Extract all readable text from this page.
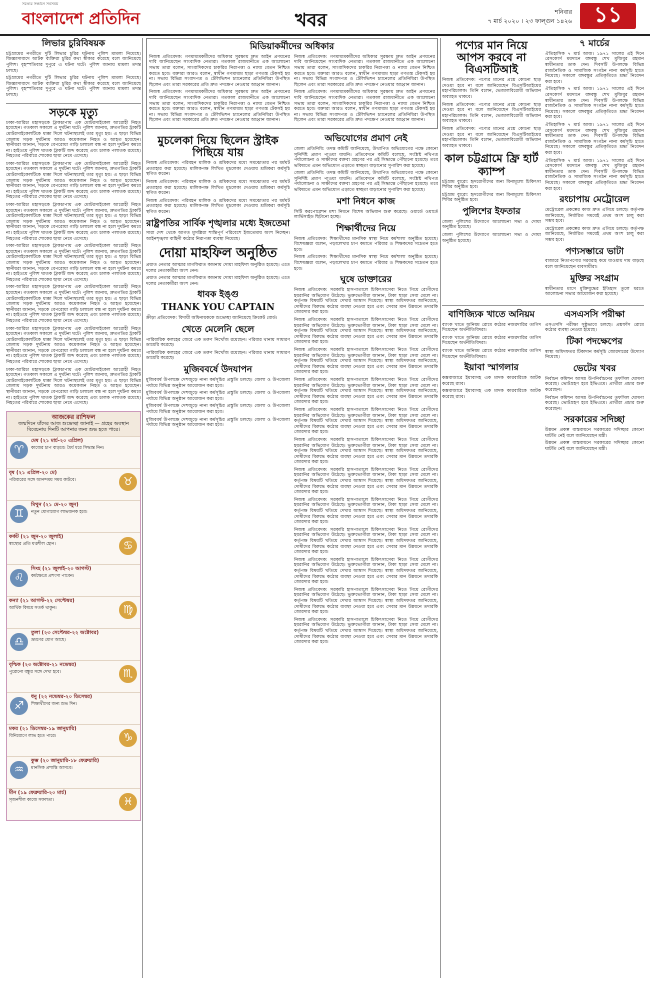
সত্যের সন্ধানে সবসময়
বাংলাদেশ প্রতিদিন	খবর	শনিবার
৭ মার্চ ২০২০ । ২৩ ফাল্গুন ১৪২৬ ১১
লিভার চুরিবিষয়ক

চট্টগ্রামের নগরীতে দুটি লিভার চুরির ঘটনায় পুলিশ মামলা নিয়েছে। জিজ্ঞাসাবাদে আটক ব্যক্তিরা চুরির কথা স্বীকার করেছে বলে জানিয়েছে পুলিশ। বৃহস্পতিবার দুপুরে এ ঘটনা ঘটে। পুলিশ জানায় মামলা তদন্ত চলছে।

চট্টগ্রামের নগরীতে দুটি লিভার চুরির ঘটনায় পুলিশ মামলা নিয়েছে। জিজ্ঞাসাবাদে আটক ব্যক্তিরা চুরির কথা স্বীকার করেছে বলে জানিয়েছে পুলিশ। বৃহস্পতিবার দুপুরে এ ঘটনা ঘটে। পুলিশ জানায় মামলা তদন্ত চলছে।

সড়কে মৃত্যু

ঢাকা-আরিচা মহাসড়কে ট্রাকচাপায় এক মোটরসাইকেল আরোহী নিহত হয়েছেন। গতকাল সকালে এ দুর্ঘটনা ঘটে। পুলিশ জানায়, দ্রুতগতির ট্রাকটি মোটরসাইকেলটিকে ধাক্কা দিলে ঘটনাস্থলেই তার মৃত্যু হয়। এ ছাড়া বিভিন্ন জেলায় সড়ক দুর্ঘটনায় আরও কয়েকজন নিহত ও আহত হয়েছেন। স্থানীয়রা জানান, সড়কে বেপরোয়া গাড়ি চলাচল বন্ধ না হলে দুর্ঘটনা কমবে না। হাইওয়ে পুলিশ ঘাতক ট্রাকটি জব্দ করেছে এবং চালক পলাতক রয়েছে। নিহতের পরিবারে শোকের ছায়া নেমে এসেছে।

ঢাকা-আরিচা মহাসড়কে ট্রাকচাপায় এক মোটরসাইকেল আরোহী নিহত হয়েছেন। গতকাল সকালে এ দুর্ঘটনা ঘটে। পুলিশ জানায়, দ্রুতগতির ট্রাকটি মোটরসাইকেলটিকে ধাক্কা দিলে ঘটনাস্থলেই তার মৃত্যু হয়। এ ছাড়া বিভিন্ন জেলায় সড়ক দুর্ঘটনায় আরও কয়েকজন নিহত ও আহত হয়েছেন। স্থানীয়রা জানান, সড়কে বেপরোয়া গাড়ি চলাচল বন্ধ না হলে দুর্ঘটনা কমবে না। হাইওয়ে পুলিশ ঘাতক ট্রাকটি জব্দ করেছে এবং চালক পলাতক রয়েছে। নিহতের পরিবারে শোকের ছায়া নেমে এসেছে।

ঢাকা-আরিচা মহাসড়কে ট্রাকচাপায় এক মোটরসাইকেল আরোহী নিহত হয়েছেন। গতকাল সকালে এ দুর্ঘটনা ঘটে। পুলিশ জানায়, দ্রুতগতির ট্রাকটি মোটরসাইকেলটিকে ধাক্কা দিলে ঘটনাস্থলেই তার মৃত্যু হয়। এ ছাড়া বিভিন্ন জেলায় সড়ক দুর্ঘটনায় আরও কয়েকজন নিহত ও আহত হয়েছেন। স্থানীয়রা জানান, সড়কে বেপরোয়া গাড়ি চলাচল বন্ধ না হলে দুর্ঘটনা কমবে না। হাইওয়ে পুলিশ ঘাতক ট্রাকটি জব্দ করেছে এবং চালক পলাতক রয়েছে। নিহতের পরিবারে শোকের ছায়া নেমে এসেছে।

ঢাকা-আরিচা মহাসড়কে ট্রাকচাপায় এক মোটরসাইকেল আরোহী নিহত হয়েছেন। গতকাল সকালে এ দুর্ঘটনা ঘটে। পুলিশ জানায়, দ্রুতগতির ট্রাকটি মোটরসাইকেলটিকে ধাক্কা দিলে ঘটনাস্থলেই তার মৃত্যু হয়। এ ছাড়া বিভিন্ন জেলায় সড়ক দুর্ঘটনায় আরও কয়েকজন নিহত ও আহত হয়েছেন। স্থানীয়রা জানান, সড়কে বেপরোয়া গাড়ি চলাচল বন্ধ না হলে দুর্ঘটনা কমবে না। হাইওয়ে পুলিশ ঘাতক ট্রাকটি জব্দ করেছে এবং চালক পলাতক রয়েছে। নিহতের পরিবারে শোকের ছায়া নেমে এসেছে।

ঢাকা-আরিচা মহাসড়কে ট্রাকচাপায় এক মোটরসাইকেল আরোহী নিহত হয়েছেন। গতকাল সকালে এ দুর্ঘটনা ঘটে। পুলিশ জানায়, দ্রুতগতির ট্রাকটি মোটরসাইকেলটিকে ধাক্কা দিলে ঘটনাস্থলেই তার মৃত্যু হয়। এ ছাড়া বিভিন্ন জেলায় সড়ক দুর্ঘটনায় আরও কয়েকজন নিহত ও আহত হয়েছেন। স্থানীয়রা জানান, সড়কে বেপরোয়া গাড়ি চলাচল বন্ধ না হলে দুর্ঘটনা কমবে না। হাইওয়ে পুলিশ ঘাতক ট্রাকটি জব্দ করেছে এবং চালক পলাতক রয়েছে। নিহতের পরিবারে শোকের ছায়া নেমে এসেছে।

ঢাকা-আরিচা মহাসড়কে ট্রাকচাপায় এক মোটরসাইকেল আরোহী নিহত হয়েছেন। গতকাল সকালে এ দুর্ঘটনা ঘটে। পুলিশ জানায়, দ্রুতগতির ট্রাকটি মোটরসাইকেলটিকে ধাক্কা দিলে ঘটনাস্থলেই তার মৃত্যু হয়। এ ছাড়া বিভিন্ন জেলায় সড়ক দুর্ঘটনায় আরও কয়েকজন নিহত ও আহত হয়েছেন। স্থানীয়রা জানান, সড়কে বেপরোয়া গাড়ি চলাচল বন্ধ না হলে দুর্ঘটনা কমবে না। হাইওয়ে পুলিশ ঘাতক ট্রাকটি জব্দ করেছে এবং চালক পলাতক রয়েছে। নিহতের পরিবারে শোকের ছায়া নেমে এসেছে।

ঢাকা-আরিচা মহাসড়কে ট্রাকচাপায় এক মোটরসাইকেল আরোহী নিহত হয়েছেন। গতকাল সকালে এ দুর্ঘটনা ঘটে। পুলিশ জানায়, দ্রুতগতির ট্রাকটি মোটরসাইকেলটিকে ধাক্কা দিলে ঘটনাস্থলেই তার মৃত্যু হয়। এ ছাড়া বিভিন্ন জেলায় সড়ক দুর্ঘটনায় আরও কয়েকজন নিহত ও আহত হয়েছেন। স্থানীয়রা জানান, সড়কে বেপরোয়া গাড়ি চলাচল বন্ধ না হলে দুর্ঘটনা কমবে না। হাইওয়ে পুলিশ ঘাতক ট্রাকটি জব্দ করেছে এবং চালক পলাতক রয়েছে। নিহতের পরিবারে শোকের ছায়া নেমে এসেছে।

আজকের রাশিফল
জন্মদিনে যাঁদের আজ শুভেচ্ছা জানাই — গ্রহের অবস্থান বিবেচনায় দিনটি আপনার জন্য শুভ হতে পারে।
♈
মেষ (২১ মার্চ-২০ এপ্রিল)
কাজের চাপ বাড়বে। ধৈর্য ধরে সিদ্ধান্ত নিন।
♉
বৃষ (২১ এপ্রিল-২০ মে)
পরিবারের সঙ্গে আনন্দময় সময় কাটবে।
♊
মিথুন (২১ মে-২০ জুন)
নতুন যোগাযোগ লাভজনক হবে।
♋
কর্কট (২১ জুন-২০ জুলাই)
স্বাস্থ্যের প্রতি যত্নশীল হোন।
♌
সিংহ (২১ জুলাই-২০ আগস্ট)
কর্মক্ষেত্রে প্রশংসা পাবেন।
♍
কন্যা (২১ আগস্ট-২২ সেপ্টেম্বর)
আর্থিক বিষয়ে সতর্ক থাকুন।
♎
তুলা (২৩ সেপ্টেম্বর-২২ অক্টোবর)
ভ্রমণের যোগ আছে।
♏
বৃশ্চিক (২৩ অক্টোবর-২১ নভেম্বর)
পুরোনো বন্ধুর সঙ্গে দেখা হবে।
♐
ধনু (২২ নভেম্বর-২০ ডিসেম্বর)
শিক্ষার্থীদের জন্য শুভ দিন।
♑
মকর (২১ ডিসেম্বর-১৯ জানুয়ারি)
বিনিয়োগে লাভ হতে পারে।
♒
কুম্ভ (২০ জানুয়ারি-১৮ ফেব্রুয়ারি)
মানসিক প্রশান্তি আসবে।
♓
মীন (১৯ ফেব্রুয়ারি-২০ মার্চ)
সৃজনশীল কাজে সফলতা।
মিডিয়াকর্মীদের অধিকার

নিজস্ব প্রতিবেদক: গণমাধ্যমকর্মীদের অধিকার সুরক্ষায় দ্রুত আইন প্রণয়নের দাবি জানিয়েছেন সাংবাদিক নেতারা। গতকাল রাজধানীতে এক আলোচনা সভায় তারা বলেন, সাংবাদিকদের চাকরির নিরাপত্তা ও ন্যায্য বেতন নিশ্চিত করতে হবে। বক্তারা আরও বলেন, স্বাধীন গণমাধ্যম ছাড়া গণতন্ত্র টেকসই হয় না। সভায় বিভিন্ন সংবাদপত্র ও টেলিভিশন চ্যানেলের প্রতিনিধিরা উপস্থিত ছিলেন এবং তারা সরকারের প্রতি দ্রুত পদক্ষেপ নেওয়ার আহ্বান জানান।

নিজস্ব প্রতিবেদক: গণমাধ্যমকর্মীদের অধিকার সুরক্ষায় দ্রুত আইন প্রণয়নের দাবি জানিয়েছেন সাংবাদিক নেতারা। গতকাল রাজধানীতে এক আলোচনা সভায় তারা বলেন, সাংবাদিকদের চাকরির নিরাপত্তা ও ন্যায্য বেতন নিশ্চিত করতে হবে। বক্তারা আরও বলেন, স্বাধীন গণমাধ্যম ছাড়া গণতন্ত্র টেকসই হয় না। সভায় বিভিন্ন সংবাদপত্র ও টেলিভিশন চ্যানেলের প্রতিনিধিরা উপস্থিত ছিলেন এবং তারা সরকারের প্রতি দ্রুত পদক্ষেপ নেওয়ার আহ্বান জানান।

নিজস্ব প্রতিবেদক: গণমাধ্যমকর্মীদের অধিকার সুরক্ষায় দ্রুত আইন প্রণয়নের দাবি জানিয়েছেন সাংবাদিক নেতারা। গতকাল রাজধানীতে এক আলোচনা সভায় তারা বলেন, সাংবাদিকদের চাকরির নিরাপত্তা ও ন্যায্য বেতন নিশ্চিত করতে হবে। বক্তারা আরও বলেন, স্বাধীন গণমাধ্যম ছাড়া গণতন্ত্র টেকসই হয় না। সভায় বিভিন্ন সংবাদপত্র ও টেলিভিশন চ্যানেলের প্রতিনিধিরা উপস্থিত ছিলেন এবং তারা সরকারের প্রতি দ্রুত পদক্ষেপ নেওয়ার আহ্বান জানান।

নিজস্ব প্রতিবেদক: গণমাধ্যমকর্মীদের অধিকার সুরক্ষায় দ্রুত আইন প্রণয়নের দাবি জানিয়েছেন সাংবাদিক নেতারা। গতকাল রাজধানীতে এক আলোচনা সভায় তারা বলেন, সাংবাদিকদের চাকরির নিরাপত্তা ও ন্যায্য বেতন নিশ্চিত করতে হবে। বক্তারা আরও বলেন, স্বাধীন গণমাধ্যম ছাড়া গণতন্ত্র টেকসই হয় না। সভায় বিভিন্ন সংবাদপত্র ও টেলিভিশন চ্যানেলের প্রতিনিধিরা উপস্থিত ছিলেন এবং তারা সরকারের প্রতি দ্রুত পদক্ষেপ নেওয়ার আহ্বান জানান।

মুচলেকা দিয়ে ছিলেন স্ট্রাইক পিছিয়ে যায়

নিজস্ব প্রতিবেদক: পরিবহন মালিক ও শ্রমিকদের মধ্যে সমঝোতার পর ধর্মঘট প্রত্যাহার করা হয়েছে। মালিকপক্ষ লিখিত মুচলেকা দেওয়ায় শ্রমিকরা কর্মসূচি স্থগিত করেন।

নিজস্ব প্রতিবেদক: পরিবহন মালিক ও শ্রমিকদের মধ্যে সমঝোতার পর ধর্মঘট প্রত্যাহার করা হয়েছে। মালিকপক্ষ লিখিত মুচলেকা দেওয়ায় শ্রমিকরা কর্মসূচি স্থগিত করেন।

নিজস্ব প্রতিবেদক: পরিবহন মালিক ও শ্রমিকদের মধ্যে সমঝোতার পর ধর্মঘট প্রত্যাহার করা হয়েছে। মালিকপক্ষ লিখিত মুচলেকা দেওয়ায় শ্রমিকরা কর্মসূচি স্থগিত করেন।

রাষ্ট্রপতির সার্বিক শৃঙ্খলার মধ্যে ইজতেমা

সারা দেশ থেকে আগত মুসল্লিরা শান্তিপূর্ণ পরিবেশে ইজতেমায় অংশ নিচ্ছেন। আইনশৃঙ্খলা বাহিনী কঠোর নিরাপত্তা ব্যবস্থা নিয়েছে।

দোয়া মাহফিল অনুষ্ঠিত

প্রয়াত নেতার আত্মার মাগফিরাত কামনায় দোয়া মাহফিল অনুষ্ঠিত হয়েছে। এতে দলের নেতাকর্মীরা অংশ নেন।

প্রয়াত নেতার আত্মার মাগফিরাত কামনায় দোয়া মাহফিল অনুষ্ঠিত হয়েছে। এতে দলের নেতাকর্মীরা অংশ নেন।

ধাবক ইঙ্গু
THANK YOU CAPTAIN

ক্রীড়া প্রতিবেদক: বিদায়ী অধিনায়ককে শুভেচ্ছা জানিয়েছে ক্রিকেট বোর্ড।

খেতে মেলেনি ছেলে

পারিবারিক কলহের জেরে এক তরুণ নিখোঁজ রয়েছেন। পরিবার থানায় সাধারণ ডায়েরি করেছে।

পারিবারিক কলহের জেরে এক তরুণ নিখোঁজ রয়েছেন। পরিবার থানায় সাধারণ ডায়েরি করেছে।

মুজিববর্ষে উদযাপন

মুজিববর্ষ উপলক্ষে দেশজুড়ে নানা কর্মসূচির প্রস্তুতি চলছে। জেলা ও উপজেলা পর্যায়ে বিভিন্ন অনুষ্ঠান আয়োজন করা হবে।

মুজিববর্ষ উপলক্ষে দেশজুড়ে নানা কর্মসূচির প্রস্তুতি চলছে। জেলা ও উপজেলা পর্যায়ে বিভিন্ন অনুষ্ঠান আয়োজন করা হবে।

মুজিববর্ষ উপলক্ষে দেশজুড়ে নানা কর্মসূচির প্রস্তুতি চলছে। জেলা ও উপজেলা পর্যায়ে বিভিন্ন অনুষ্ঠান আয়োজন করা হবে।

মুজিববর্ষ উপলক্ষে দেশজুড়ে নানা কর্মসূচির প্রস্তুতি চলছে। জেলা ও উপজেলা পর্যায়ে বিভিন্ন অনুষ্ঠান আয়োজন করা হবে।

অভিযোগের প্রমাণ নেই

জেলা প্রতিনিধি: তদন্ত কমিটি জানিয়েছে, উত্থাপিত অভিযোগের পক্ষে কোনো সুনির্দিষ্ট প্রমাণ পাওয়া যায়নি। প্রতিবেদনে কমিটি বলেছে, সংশ্লিষ্ট নথিপত্র পর্যালোচনা ও সাক্ষীদের বক্তব্য গ্রহণের পর এই সিদ্ধান্তে পৌঁছানো হয়েছে। তবে ভবিষ্যতে এমন অভিযোগ এড়াতে স্বচ্ছতা বাড়ানোর সুপারিশ করা হয়েছে।

জেলা প্রতিনিধি: তদন্ত কমিটি জানিয়েছে, উত্থাপিত অভিযোগের পক্ষে কোনো সুনির্দিষ্ট প্রমাণ পাওয়া যায়নি। প্রতিবেদনে কমিটি বলেছে, সংশ্লিষ্ট নথিপত্র পর্যালোচনা ও সাক্ষীদের বক্তব্য গ্রহণের পর এই সিদ্ধান্তে পৌঁছানো হয়েছে। তবে ভবিষ্যতে এমন অভিযোগ এড়াতে স্বচ্ছতা বাড়ানোর সুপারিশ করা হয়েছে।

মশা নিধনে কাজ

সিটি করপোরেশন মশা নিধনে বিশেষ অভিযান শুরু করেছে। ওয়ার্ডে ওয়ার্ডে লার্ভিসাইড ছিটানো হচ্ছে।

শিক্ষার্থীদের নিয়ে

নিজস্ব প্রতিবেদক: শিক্ষার্থীদের মানসিক স্বাস্থ্য নিয়ে কর্মশালা অনুষ্ঠিত হয়েছে। বিশেষজ্ঞরা বলেন, পড়ালেখার চাপ কমাতে পরিবার ও শিক্ষকদের সচেতন হতে হবে।

নিজস্ব প্রতিবেদক: শিক্ষার্থীদের মানসিক স্বাস্থ্য নিয়ে কর্মশালা অনুষ্ঠিত হয়েছে। বিশেষজ্ঞরা বলেন, পড়ালেখার চাপ কমাতে পরিবার ও শিক্ষকদের সচেতন হতে হবে।

ঘুষে ডাক্তারের

নিজস্ব প্রতিবেদক: সরকারি হাসপাতালে চিকিৎসাসেবা নিতে গিয়ে রোগীদের হয়রানির অভিযোগ উঠেছে। ভুক্তভোগীরা জানান, টাকা ছাড়া সেবা মেলে না। কর্তৃপক্ষ বিষয়টি খতিয়ে দেখার আশ্বাস দিয়েছে। স্বাস্থ্য অধিদফতর জানিয়েছে, দোষীদের বিরুদ্ধে কঠোর ব্যবস্থা নেওয়া হবে এবং সেবার মান উন্নয়নে তদারকি জোরদার করা হবে।

নিজস্ব প্রতিবেদক: সরকারি হাসপাতালে চিকিৎসাসেবা নিতে গিয়ে রোগীদের হয়রানির অভিযোগ উঠেছে। ভুক্তভোগীরা জানান, টাকা ছাড়া সেবা মেলে না। কর্তৃপক্ষ বিষয়টি খতিয়ে দেখার আশ্বাস দিয়েছে। স্বাস্থ্য অধিদফতর জানিয়েছে, দোষীদের বিরুদ্ধে কঠোর ব্যবস্থা নেওয়া হবে এবং সেবার মান উন্নয়নে তদারকি জোরদার করা হবে।

নিজস্ব প্রতিবেদক: সরকারি হাসপাতালে চিকিৎসাসেবা নিতে গিয়ে রোগীদের হয়রানির অভিযোগ উঠেছে। ভুক্তভোগীরা জানান, টাকা ছাড়া সেবা মেলে না। কর্তৃপক্ষ বিষয়টি খতিয়ে দেখার আশ্বাস দিয়েছে। স্বাস্থ্য অধিদফতর জানিয়েছে, দোষীদের বিরুদ্ধে কঠোর ব্যবস্থা নেওয়া হবে এবং সেবার মান উন্নয়নে তদারকি জোরদার করা হবে।

নিজস্ব প্রতিবেদক: সরকারি হাসপাতালে চিকিৎসাসেবা নিতে গিয়ে রোগীদের হয়রানির অভিযোগ উঠেছে। ভুক্তভোগীরা জানান, টাকা ছাড়া সেবা মেলে না। কর্তৃপক্ষ বিষয়টি খতিয়ে দেখার আশ্বাস দিয়েছে। স্বাস্থ্য অধিদফতর জানিয়েছে, দোষীদের বিরুদ্ধে কঠোর ব্যবস্থা নেওয়া হবে এবং সেবার মান উন্নয়নে তদারকি জোরদার করা হবে।

নিজস্ব প্রতিবেদক: সরকারি হাসপাতালে চিকিৎসাসেবা নিতে গিয়ে রোগীদের হয়রানির অভিযোগ উঠেছে। ভুক্তভোগীরা জানান, টাকা ছাড়া সেবা মেলে না। কর্তৃপক্ষ বিষয়টি খতিয়ে দেখার আশ্বাস দিয়েছে। স্বাস্থ্য অধিদফতর জানিয়েছে, দোষীদের বিরুদ্ধে কঠোর ব্যবস্থা নেওয়া হবে এবং সেবার মান উন্নয়নে তদারকি জোরদার করা হবে।

নিজস্ব প্রতিবেদক: সরকারি হাসপাতালে চিকিৎসাসেবা নিতে গিয়ে রোগীদের হয়রানির অভিযোগ উঠেছে। ভুক্তভোগীরা জানান, টাকা ছাড়া সেবা মেলে না। কর্তৃপক্ষ বিষয়টি খতিয়ে দেখার আশ্বাস দিয়েছে। স্বাস্থ্য অধিদফতর জানিয়েছে, দোষীদের বিরুদ্ধে কঠোর ব্যবস্থা নেওয়া হবে এবং সেবার মান উন্নয়নে তদারকি জোরদার করা হবে।

নিজস্ব প্রতিবেদক: সরকারি হাসপাতালে চিকিৎসাসেবা নিতে গিয়ে রোগীদের হয়রানির অভিযোগ উঠেছে। ভুক্তভোগীরা জানান, টাকা ছাড়া সেবা মেলে না। কর্তৃপক্ষ বিষয়টি খতিয়ে দেখার আশ্বাস দিয়েছে। স্বাস্থ্য অধিদফতর জানিয়েছে, দোষীদের বিরুদ্ধে কঠোর ব্যবস্থা নেওয়া হবে এবং সেবার মান উন্নয়নে তদারকি জোরদার করা হবে।

নিজস্ব প্রতিবেদক: সরকারি হাসপাতালে চিকিৎসাসেবা নিতে গিয়ে রোগীদের হয়রানির অভিযোগ উঠেছে। ভুক্তভোগীরা জানান, টাকা ছাড়া সেবা মেলে না। কর্তৃপক্ষ বিষয়টি খতিয়ে দেখার আশ্বাস দিয়েছে। স্বাস্থ্য অধিদফতর জানিয়েছে, দোষীদের বিরুদ্ধে কঠোর ব্যবস্থা নেওয়া হবে এবং সেবার মান উন্নয়নে তদারকি জোরদার করা হবে।

নিজস্ব প্রতিবেদক: সরকারি হাসপাতালে চিকিৎসাসেবা নিতে গিয়ে রোগীদের হয়রানির অভিযোগ উঠেছে। ভুক্তভোগীরা জানান, টাকা ছাড়া সেবা মেলে না। কর্তৃপক্ষ বিষয়টি খতিয়ে দেখার আশ্বাস দিয়েছে। স্বাস্থ্য অধিদফতর জানিয়েছে, দোষীদের বিরুদ্ধে কঠোর ব্যবস্থা নেওয়া হবে এবং সেবার মান উন্নয়নে তদারকি জোরদার করা হবে।

নিজস্ব প্রতিবেদক: সরকারি হাসপাতালে চিকিৎসাসেবা নিতে গিয়ে রোগীদের হয়রানির অভিযোগ উঠেছে। ভুক্তভোগীরা জানান, টাকা ছাড়া সেবা মেলে না। কর্তৃপক্ষ বিষয়টি খতিয়ে দেখার আশ্বাস দিয়েছে। স্বাস্থ্য অধিদফতর জানিয়েছে, দোষীদের বিরুদ্ধে কঠোর ব্যবস্থা নেওয়া হবে এবং সেবার মান উন্নয়নে তদারকি জোরদার করা হবে।

নিজস্ব প্রতিবেদক: সরকারি হাসপাতালে চিকিৎসাসেবা নিতে গিয়ে রোগীদের হয়রানির অভিযোগ উঠেছে। ভুক্তভোগীরা জানান, টাকা ছাড়া সেবা মেলে না। কর্তৃপক্ষ বিষয়টি খতিয়ে দেখার আশ্বাস দিয়েছে। স্বাস্থ্য অধিদফতর জানিয়েছে, দোষীদের বিরুদ্ধে কঠোর ব্যবস্থা নেওয়া হবে এবং সেবার মান উন্নয়নে তদারকি জোরদার করা হবে।

নিজস্ব প্রতিবেদক: সরকারি হাসপাতালে চিকিৎসাসেবা নিতে গিয়ে রোগীদের হয়রানির অভিযোগ উঠেছে। ভুক্তভোগীরা জানান, টাকা ছাড়া সেবা মেলে না। কর্তৃপক্ষ বিষয়টি খতিয়ে দেখার আশ্বাস দিয়েছে। স্বাস্থ্য অধিদফতর জানিয়েছে, দোষীদের বিরুদ্ধে কঠোর ব্যবস্থা নেওয়া হবে এবং সেবার মান উন্নয়নে তদারকি জোরদার করা হবে।

পণ্যের মান নিয়ে আপস করবে না বিএসটিআই

নিজস্ব প্রতিবেদক: পণ্যের মানের প্রশ্নে কোনো ছাড় দেওয়া হবে না বলে জানিয়েছেন বিএসটিআইয়ের মহাপরিচালক। তিনি বলেন, ভেজালবিরোধী অভিযান অব্যাহত থাকবে।

নিজস্ব প্রতিবেদক: পণ্যের মানের প্রশ্নে কোনো ছাড় দেওয়া হবে না বলে জানিয়েছেন বিএসটিআইয়ের মহাপরিচালক। তিনি বলেন, ভেজালবিরোধী অভিযান অব্যাহত থাকবে।

নিজস্ব প্রতিবেদক: পণ্যের মানের প্রশ্নে কোনো ছাড় দেওয়া হবে না বলে জানিয়েছেন বিএসটিআইয়ের মহাপরিচালক। তিনি বলেন, ভেজালবিরোধী অভিযান অব্যাহত থাকবে।

কাল চট্টগ্রামে ফ্রি হার্ট ক্যাম্প

চট্টগ্রাম ব্যুরো: হৃদরোগীদের জন্য বিনামূল্যে চিকিৎসা শিবির অনুষ্ঠিত হবে।

চট্টগ্রাম ব্যুরো: হৃদরোগীদের জন্য বিনামূল্যে চিকিৎসা শিবির অনুষ্ঠিত হবে।

পুলিশের ইফতার

জেলা পুলিশের উদ্যোগে আলোচনা সভা ও দোয়া অনুষ্ঠিত হয়েছে।

জেলা পুলিশের উদ্যোগে আলোচনা সভা ও দোয়া অনুষ্ঠিত হয়েছে।

৭ মার্চের

ঐতিহাসিক ৭ মার্চ আজ। ১৯৭১ সালের এই দিনে রেসকোর্স ময়দানে বঙ্গবন্ধু শেখ মুজিবুর রহমান স্বাধীনতার ডাক দেন। দিবসটি উপলক্ষে বিভিন্ন রাজনৈতিক ও সামাজিক সংগঠন নানা কর্মসূচি হাতে নিয়েছে। সকালে বঙ্গবন্ধুর প্রতিকৃতিতে শ্রদ্ধা নিবেদন করা হবে।

ঐতিহাসিক ৭ মার্চ আজ। ১৯৭১ সালের এই দিনে রেসকোর্স ময়দানে বঙ্গবন্ধু শেখ মুজিবুর রহমান স্বাধীনতার ডাক দেন। দিবসটি উপলক্ষে বিভিন্ন রাজনৈতিক ও সামাজিক সংগঠন নানা কর্মসূচি হাতে নিয়েছে। সকালে বঙ্গবন্ধুর প্রতিকৃতিতে শ্রদ্ধা নিবেদন করা হবে।

ঐতিহাসিক ৭ মার্চ আজ। ১৯৭১ সালের এই দিনে রেসকোর্স ময়দানে বঙ্গবন্ধু শেখ মুজিবুর রহমান স্বাধীনতার ডাক দেন। দিবসটি উপলক্ষে বিভিন্ন রাজনৈতিক ও সামাজিক সংগঠন নানা কর্মসূচি হাতে নিয়েছে। সকালে বঙ্গবন্ধুর প্রতিকৃতিতে শ্রদ্ধা নিবেদন করা হবে।

ঐতিহাসিক ৭ মার্চ আজ। ১৯৭১ সালের এই দিনে রেসকোর্স ময়দানে বঙ্গবন্ধু শেখ মুজিবুর রহমান স্বাধীনতার ডাক দেন। দিবসটি উপলক্ষে বিভিন্ন রাজনৈতিক ও সামাজিক সংগঠন নানা কর্মসূচি হাতে নিয়েছে। সকালে বঙ্গবন্ধুর প্রতিকৃতিতে শ্রদ্ধা নিবেদন করা হবে।

রংচাপায় মেট্রোরেল

মেট্রোরেল প্রকল্পের কাজ দ্রুত এগিয়ে চলছে। কর্তৃপক্ষ জানিয়েছে, নির্ধারিত সময়েই প্রথম অংশ চালু করা সম্ভব হবে।

মেট্রোরেল প্রকল্পের কাজ দ্রুত এগিয়ে চলছে। কর্তৃপক্ষ জানিয়েছে, নির্ধারিত সময়েই প্রথম অংশ চালু করা সম্ভব হবে।

পণ্যসম্ভারে ভাটা

বাজারে নিত্যপণ্যের সরবরাহ কমে যাওয়ায় দাম বাড়ছে বলে জানিয়েছেন ব্যবসায়ীরা।

মুক্তির সংগ্রাম

স্বাধীনতার মাসে মুক্তিযুদ্ধের ইতিহাস তুলে ধরতে আলোচনা সভার আয়োজন করা হয়েছে।

বাণিজ্যিক খাতে অনিয়ম

ব্যাংক খাতে অনিয়ম রোধে কঠোর নজরদারির তাগিদ দিয়েছেন অর্থনীতিবিদরা।

ব্যাংক খাতে অনিয়ম রোধে কঠোর নজরদারির তাগিদ দিয়েছেন অর্থনীতিবিদরা।

ব্যাংক খাতে অনিয়ম রোধে কঠোর নজরদারির তাগিদ দিয়েছেন অর্থনীতিবিদরা।

ইয়াবা স্মাগলার

কক্সবাজারে ইয়াবাসহ এক মাদক কারবারিকে আটক করেছে র‍্যাব।

কক্সবাজারে ইয়াবাসহ এক মাদক কারবারিকে আটক করেছে র‍্যাব।

এসএসসি পরীক্ষা

এসএসসি পরীক্ষা সুষ্ঠুভাবে চলছে। প্রশ্নফাঁস রোধে কঠোর ব্যবস্থা নেওয়া হয়েছে।

টিকা পদক্ষেপের

স্বাস্থ্য অধিদফতর টিকাদান কর্মসূচি জোরদারের উদ্যোগ নিয়েছে।

ভেটের খবর

নির্বাচন কমিশন আসন্ন উপনির্বাচনের তফসিল ঘোষণা করেছে। ভোটগ্রহণ হবে ইভিএমে। প্রার্থীরা প্রচার শুরু করেছেন।

নির্বাচন কমিশন আসন্ন উপনির্বাচনের তফসিল ঘোষণা করেছে। ভোটগ্রহণ হবে ইভিএমে। প্রার্থীরা প্রচার শুরু করেছেন।

সরকারের সদিচ্ছা

উন্নয়ন প্রকল্প বাস্তবায়নে সরকারের সদিচ্ছার কোনো ঘাটতি নেই বলে জানিয়েছেন মন্ত্রী।

উন্নয়ন প্রকল্প বাস্তবায়নে সরকারের সদিচ্ছার কোনো ঘাটতি নেই বলে জানিয়েছেন মন্ত্রী।
